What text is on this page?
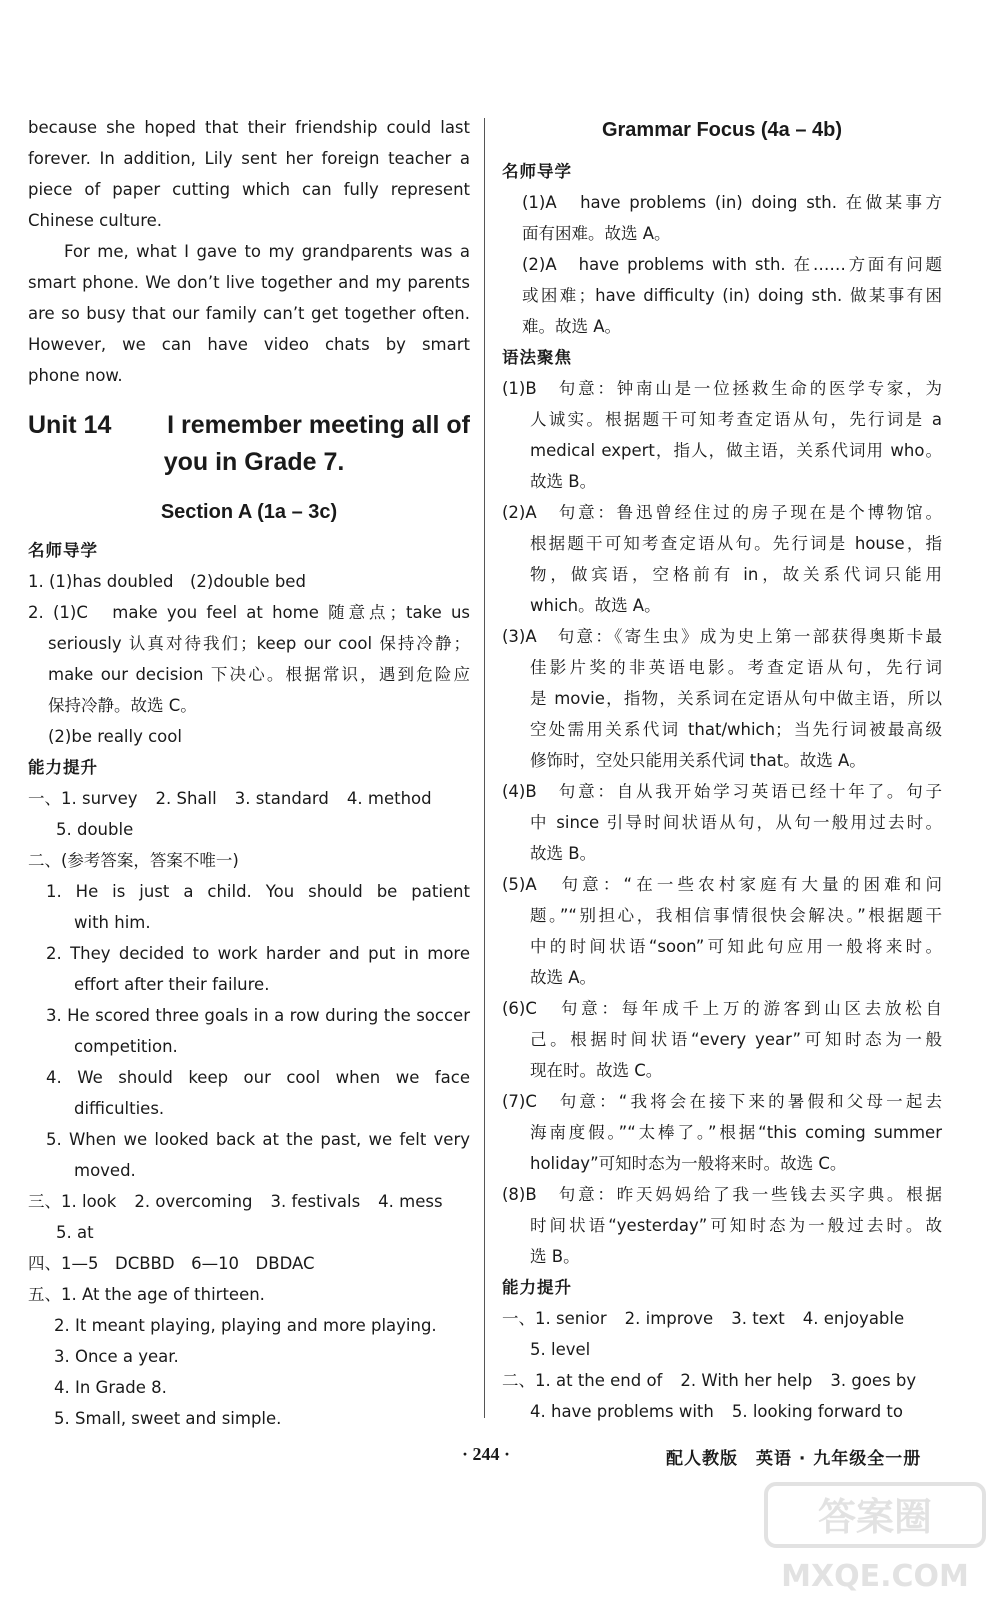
because she hoped that their friendship could last
forever. In addition, Lily sent her foreign teacher a
piece of paper cutting which can fully represent
Chinese culture.
For me, what I gave to my grandparents was a
smart phone. We don’t live together and my parents
are so busy that our family can’t get together often.
However, we can have video chats by smart
phone now.
Unit 14 I remember meeting all of
you in Grade 7.
Section A (1a – 3c)
名师导学
1. (1)has doubled　(2)double bed
2. (1)C　make you feel at home 随意点；take us
seriously 认真对待我们；keep our cool 保持冷静；
make our decision 下决心。根据常识，遇到危险应
保持冷静。故选 C。
(2)be really cool
能力提升
一、 1. survey 2. Shall 3. standard 4. method
5. double
二、(参考答案，答案不唯一)
1. He is just a child. You should be patient
with him.
2. They decided to work harder and put in more
effort after their failure.
3. He scored three goals in a row during the soccer
competition.
4. We should keep our cool when we face
difficulties.
5. When we looked back at the past, we felt very
moved.
三、 1. look 2. overcoming 3. festivals 4. mess
5. at
四、1—5　DCBBD　6—10　DBDAC
五、 1. At the age of thirteen.
2. It meant playing, playing and more playing.
3. Once a year.
4. In Grade 8.
5. Small, sweet and simple.
Grammar Focus (4a – 4b)
名师导学
(1)A　have problems (in) doing sth. 在做某事方
面有困难。故选 A。
(2)A　have problems with sth. 在……方面有问题
或困难；have difficulty (in) doing sth. 做某事有困
难。故选 A。
语法聚焦
(1)B　句意：钟南山是一位拯救生命的医学专家，为
人诚实。根据题干可知考查定语从句，先行词是 a
medical expert，指人，做主语，关系代词用 who。
故选 B。
(2)A　句意：鲁迅曾经住过的房子现在是个博物馆。
根据题干可知考查定语从句。先行词是 house，指
物，做宾语，空格前有 in，故关系代词只能用
which。故选 A。
(3)A　句意：《寄生虫》成为史上第一部获得奥斯卡最
佳影片奖的非英语电影。考查定语从句，先行词
是 movie，指物，关系词在定语从句中做主语，所以
空处需用关系代词 that/which；当先行词被最高级
修饰时，空处只能用关系代词 that。故选 A。
(4)B　句意：自从我开始学习英语已经十年了。句子
中 since 引导时间状语从句，从句一般用过去时。
故选 B。
(5)A　句意：“在一些农村家庭有大量的困难和问
题。”“别担心，我相信事情很快会解决。”根据题干
中的时间状语“soon”可知此句应用一般将来时。
故选 A。
(6)C　句意：每年成千上万的游客到山区去放松自
己。根据时间状语“every year”可知时态为一般
现在时。故选 C。
(7)C　句意：“我将会在接下来的暑假和父母一起去
海南度假。”“太棒了。”根据“this coming summer
holiday”可知时态为一般将来时。故选 C。
(8)B　句意：昨天妈妈给了我一些钱去买字典。根据
时间状语“yesterday”可知时态为一般过去时。故
选 B。
能力提升
一、 1. senior 2. improve 3. text 4. enjoyable
5. level
二、 1. at the end of 2. With her help 3. goes by
4. have problems with 5. looking forward to
· 244 ·	配人教版　英语 · 九年级全一册
答案圈
MXQE.COM
